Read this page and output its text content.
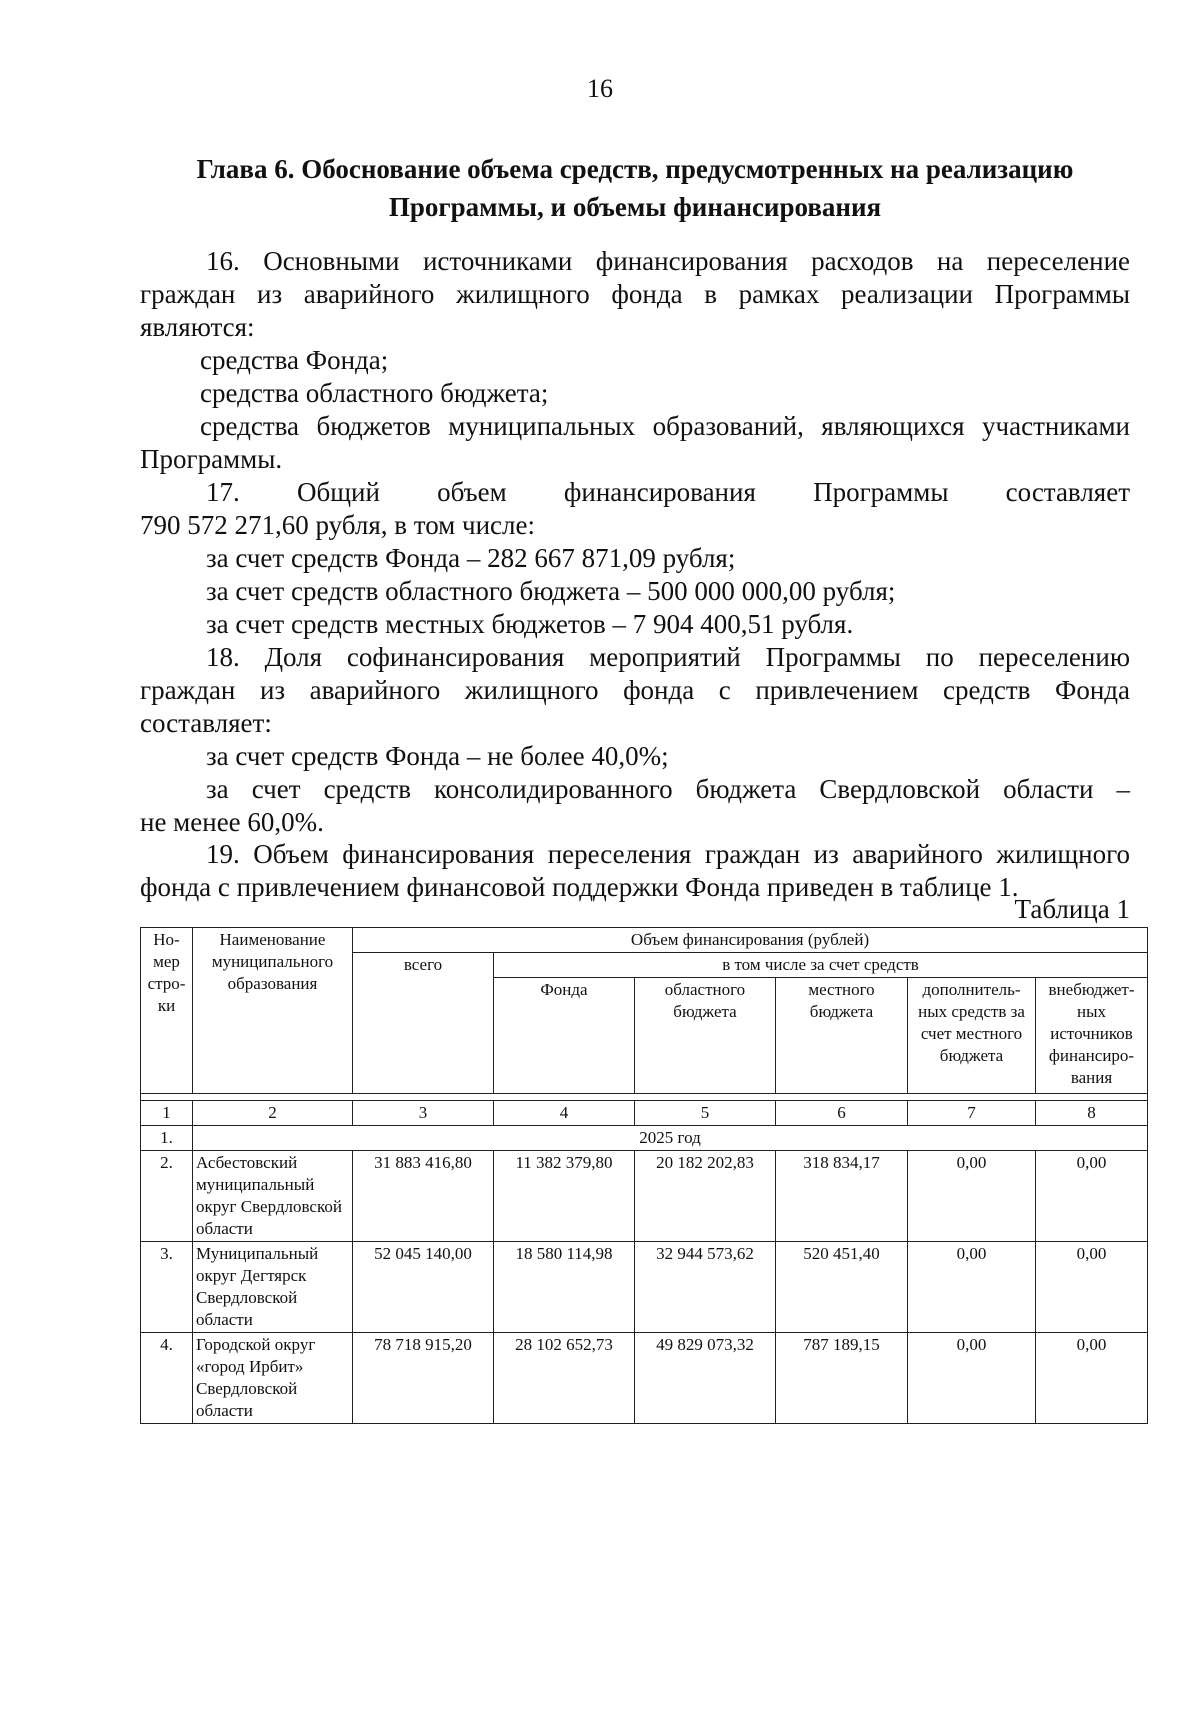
16
Глава 6. Обоснование объема средств, предусмотренных на реализацию
Программы, и объемы финансирования
16. Основными источниками финансирования расходов на переселение
граждан из аварийного жилищного фонда в рамках реализации Программы
являются:
средства Фонда;
средства областного бюджета;
средства бюджетов муниципальных образований, являющихся участниками
Программы.
17. Общий объем финансирования Программы составляет
790 572 271,60 рубля, в том числе:
за счет средств Фонда – 282 667 871,09 рубля;
за счет средств областного бюджета – 500 000 000,00 рубля;
за счет средств местных бюджетов – 7 904 400,51 рубля.
18. Доля софинансирования мероприятий Программы по переселению
граждан из аварийного жилищного фонда с привлечением средств Фонда
составляет:
за счет средств Фонда – не более 40,0%;
за счет средств консолидированного бюджета Свердловской области –
не менее 60,0%.
19. Объем финансирования переселения граждан из аварийного жилищного
фонда с привлечением финансовой поддержки Фонда приведен в таблице 1.
Таблица 1
Но-мер стро-ки	Наименование муниципального образования	Объем финансирования (рублей)					
		всего	в том числе за счет средств				
			Фонда	областного бюджета	местного бюджета	дополнитель-ных средств за счет местного бюджета	внебюджет-ных источников финансиро-вания

1	2	3	4	5	6	7	8
1.	2025 год						
2.	Асбестовский муниципальный округ Свердловской области	31 883 416,80	11 382 379,80	20 182 202,83	318 834,17	0,00	0,00
3.	Муниципальный округ Дегтярск Свердловской области	52 045 140,00	18 580 114,98	32 944 573,62	520 451,40	0,00	0,00
4.	Городской округ «город Ирбит» Свердловской области	78 718 915,20	28 102 652,73	49 829 073,32	787 189,15	0,00	0,00
